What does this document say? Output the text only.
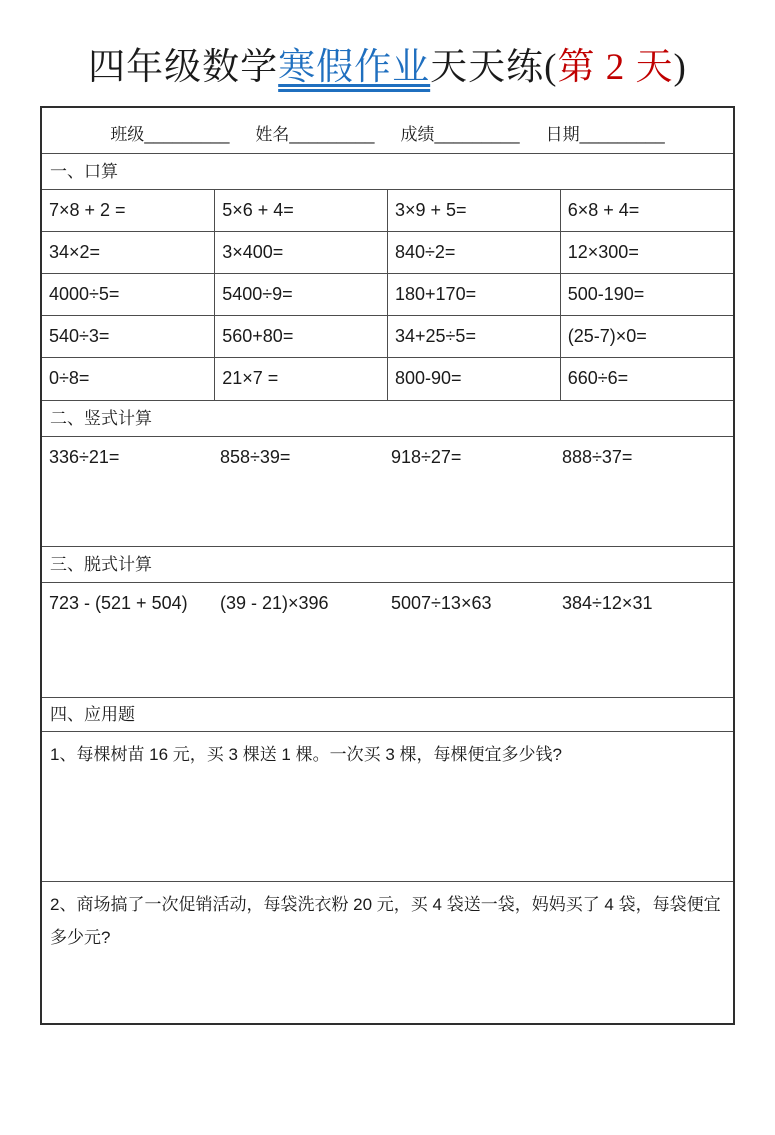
四年级数学寒假作业天天练(第 2 天)
班级_________ 姓名_________ 成绩_________ 日期_________
一、口算
7×8 + 2 =	5×6 + 4=	3×9 + 5=	6×8 + 4=
34×2=	3×400=	840÷2=	12×300=
4000÷5=	5400÷9=	180+170=	500-190=
540÷3=	560+80=	34+25÷5=	(25-7)×0=
0÷8=	21×7 =	800-90=	660÷6=
二、竖式计算
336÷21=	858÷39=	918÷27=	888÷37=
三、脱式计算
723 - (521 + 504)	(39 - 21)×396	5007÷13×63	384÷12×31
四、应用题
1、每棵树苗 16 元，买 3 棵送 1 棵。一次买 3 棵，每棵便宜多少钱?
2、商场搞了一次促销活动，每袋洗衣粉 20 元，买 4 袋送一袋，妈妈买了 4 袋，每袋便宜多少元?
